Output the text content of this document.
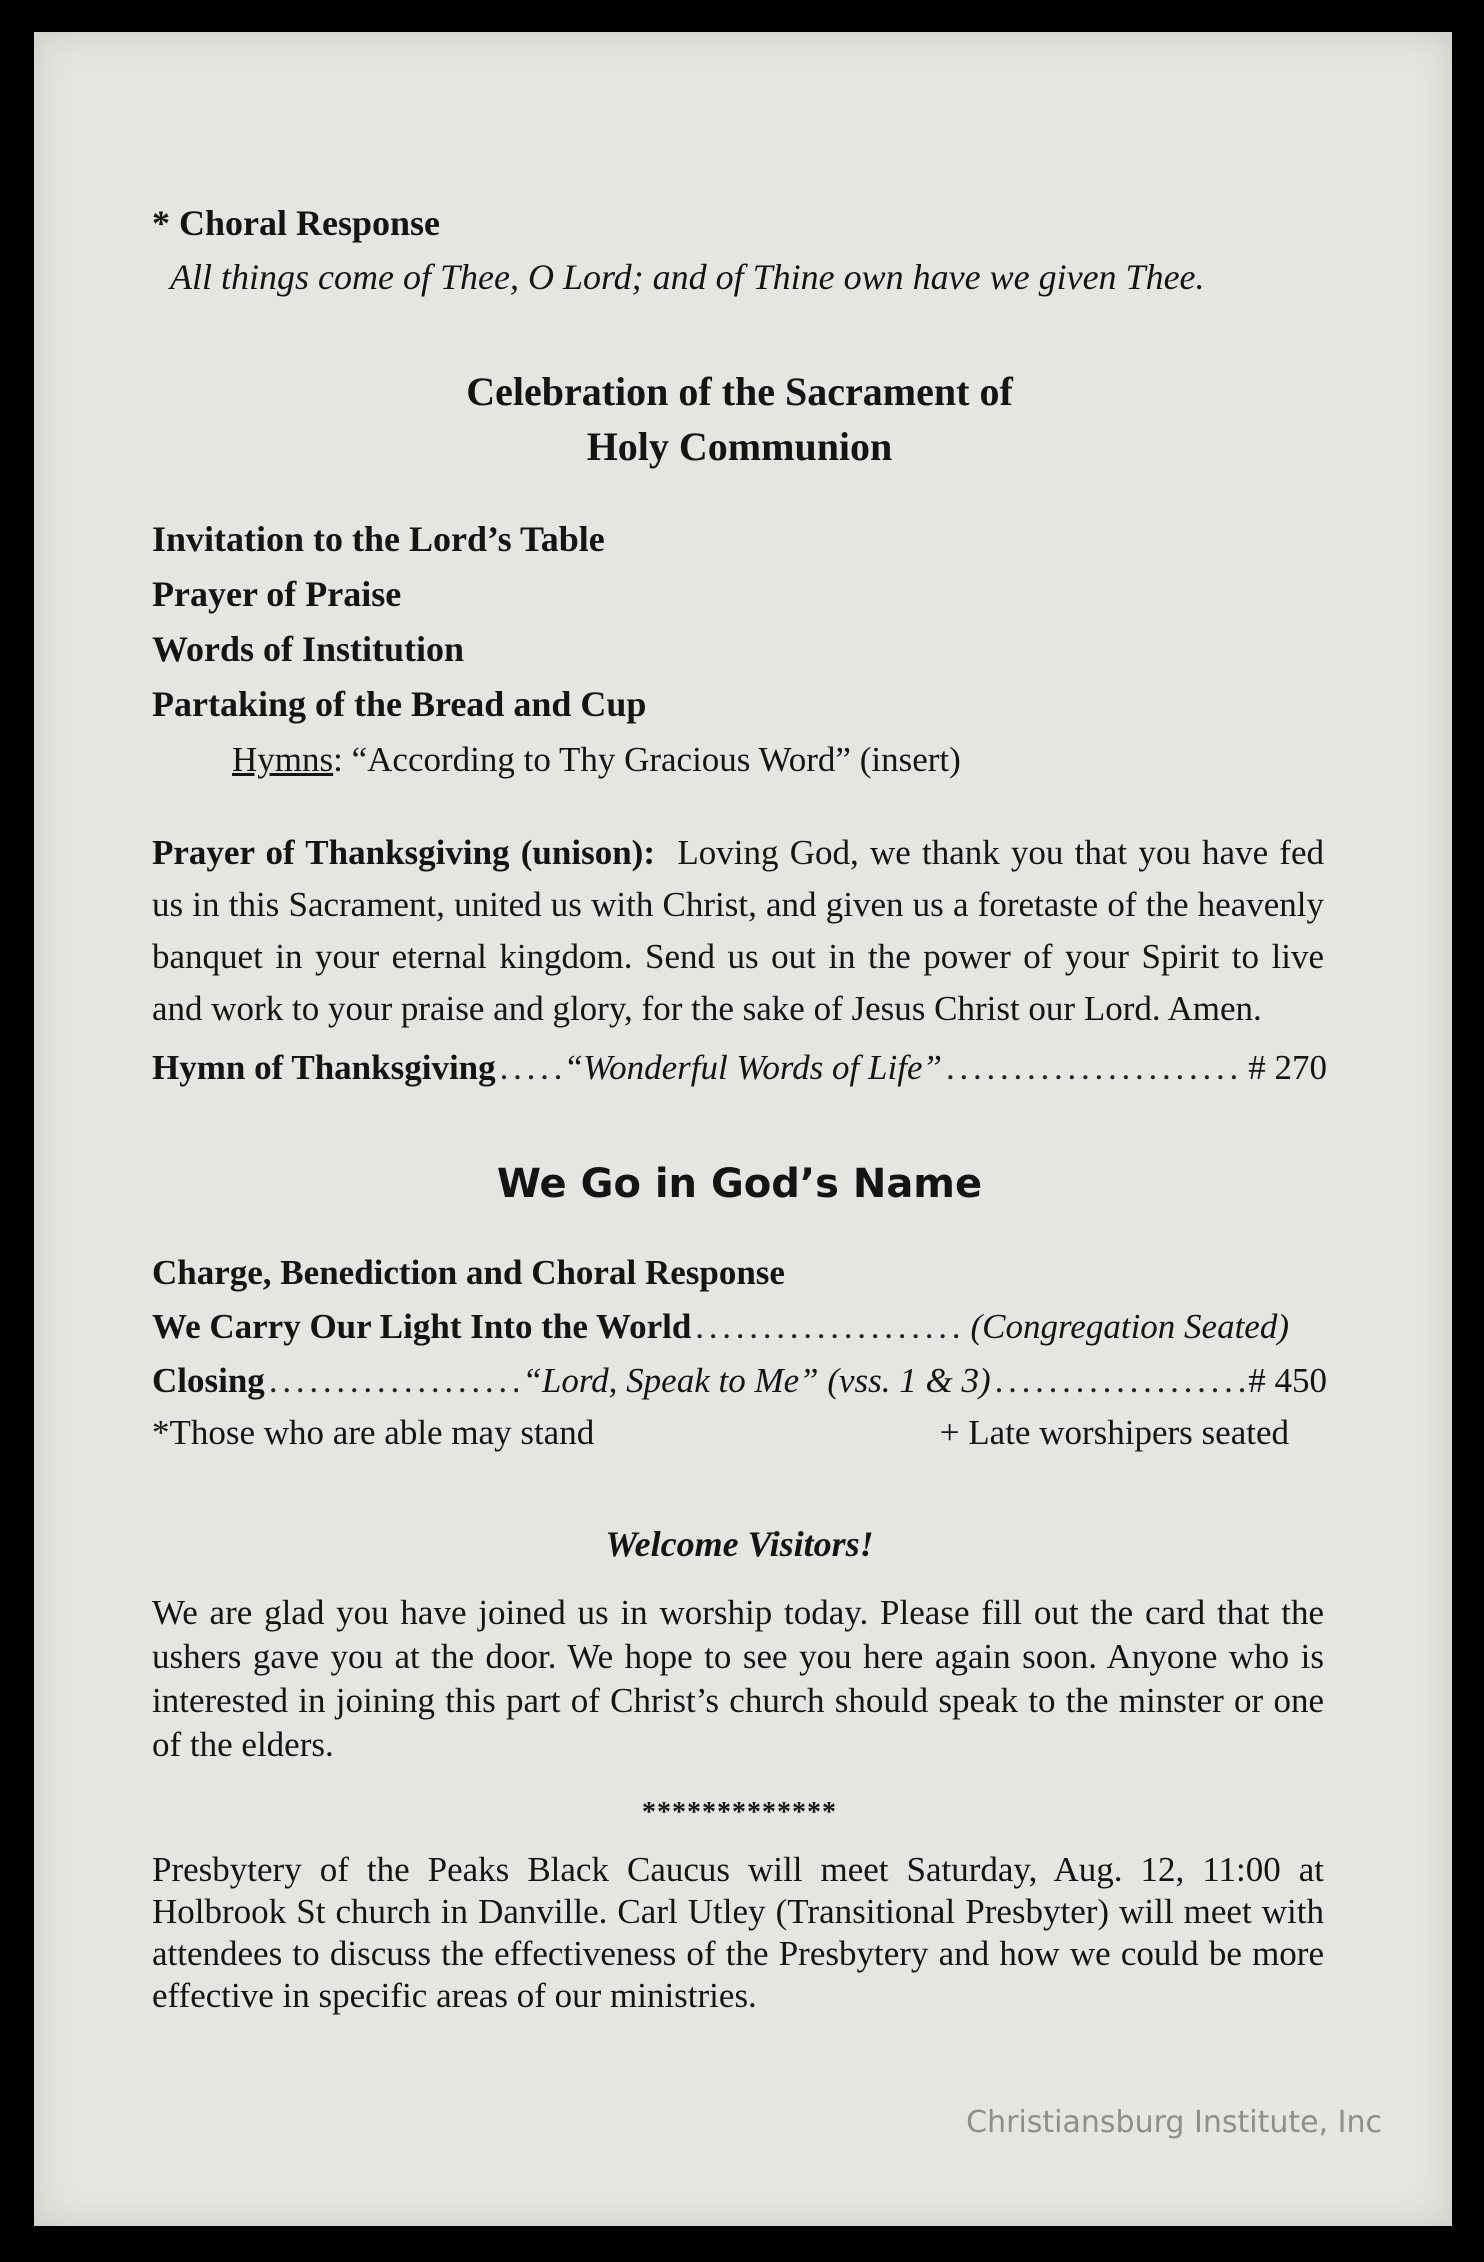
* Choral Response

All things come of Thee, O Lord; and of Thine own have we given Thee.

Celebration of the Sacrament of
Holy Communion
Invitation to the Lord’s Table
Prayer of Praise
Words of Institution
Partaking of the Bread and Cup
Hymns: “According to Thy Gracious Word” (insert)
Prayer of Thanksgiving (unison): Loving God, we thank you that you have fed us in this Sacrament, united us with Christ, and given us a foretaste of the heavenly banquet in your eternal kingdom. Send us out in the power of your Spirit to live and work to your praise and glory, for the sake of Jesus Christ our Lord. Amen.
Hymn of Thanksgiving . . . “Wonderful Words of Life” . . .	# 270
We Go in God’s Name
Charge, Benediction and Choral Response
We Carry Our Light Into the World . . .	(Congregation Seated)
Closing . . .	“Lord, Speak to Me” (vss. 1 & 3) . . .	# 450
*Those who are able may stand	+ Late worshipers seated
Welcome Visitors!
We are glad you have joined us in worship today. Please fill out the card that the ushers gave you at the door. We hope to see you here again soon. Anyone who is interested in joining this part of Christ’s church should speak to the minster or one of the elders.
*************
Presbytery of the Peaks Black Caucus will meet Saturday, Aug. 12, 11:00 at Holbrook St church in Danville. Carl Utley (Transitional Presbyter) will meet with attendees to discuss the effectiveness of the Presbytery and how we could be more effective in specific areas of our ministries.
Christiansburg Institute, Inc
